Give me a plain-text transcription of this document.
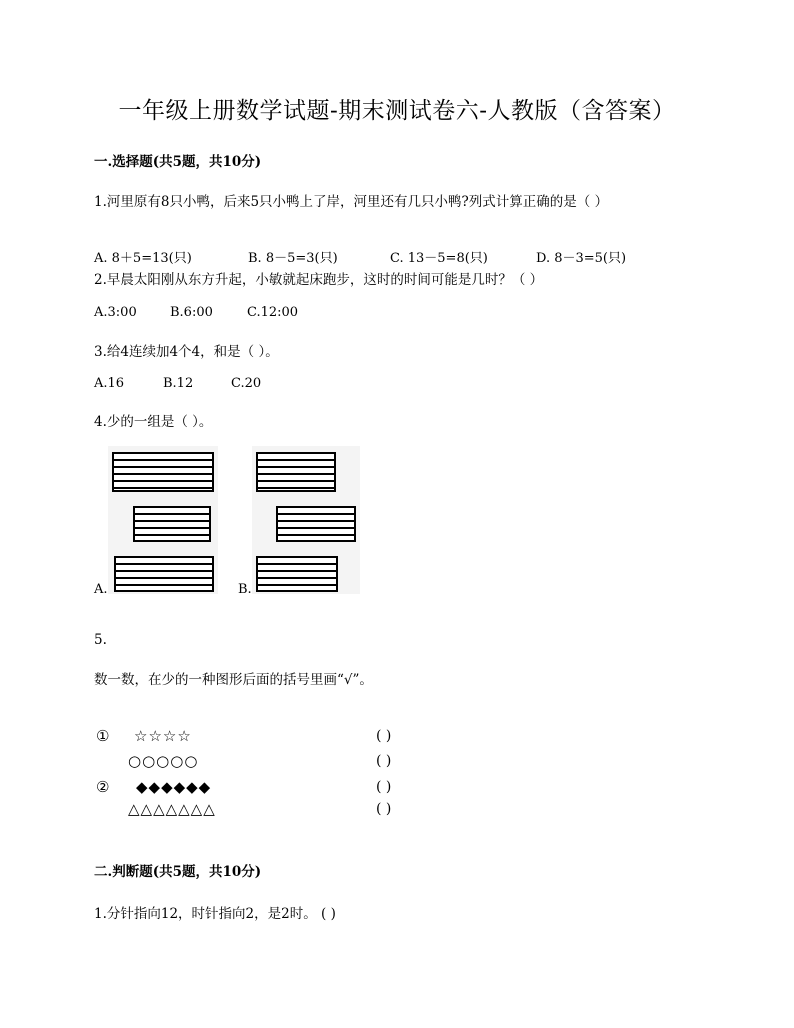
一年级上册数学试题-期末测试卷六-人教版（含答案）
一.选择题(共5题，共10分)
1.河里原有8只小鸭，后来5只小鸭上了岸，河里还有几只小鸭?列式计算正确的是（ ）
A. 8＋5=13(只)	B. 8－5=3(只)	C. 13－5=8(只)	D. 8－3=5(只)
2.早晨太阳刚从东方升起，小敏就起床跑步，这时的时间可能是几时？（ ）
A.3:00	B.6:00	C.12:00
3.给4连续加4个4，和是（ ）。
A.16	B.12	C.20
4.少的一组是（ ）。
A.	B.
5.
数一数，在少的一种图形后面的括号里画“√”。
① ☆☆☆☆	( )
○○○○○	( )
② ◆◆◆◆◆◆	( )
△△△△△△△	( )
二.判断题(共5题，共10分)
1.分针指向12，时针指向2，是2时。 ( )
